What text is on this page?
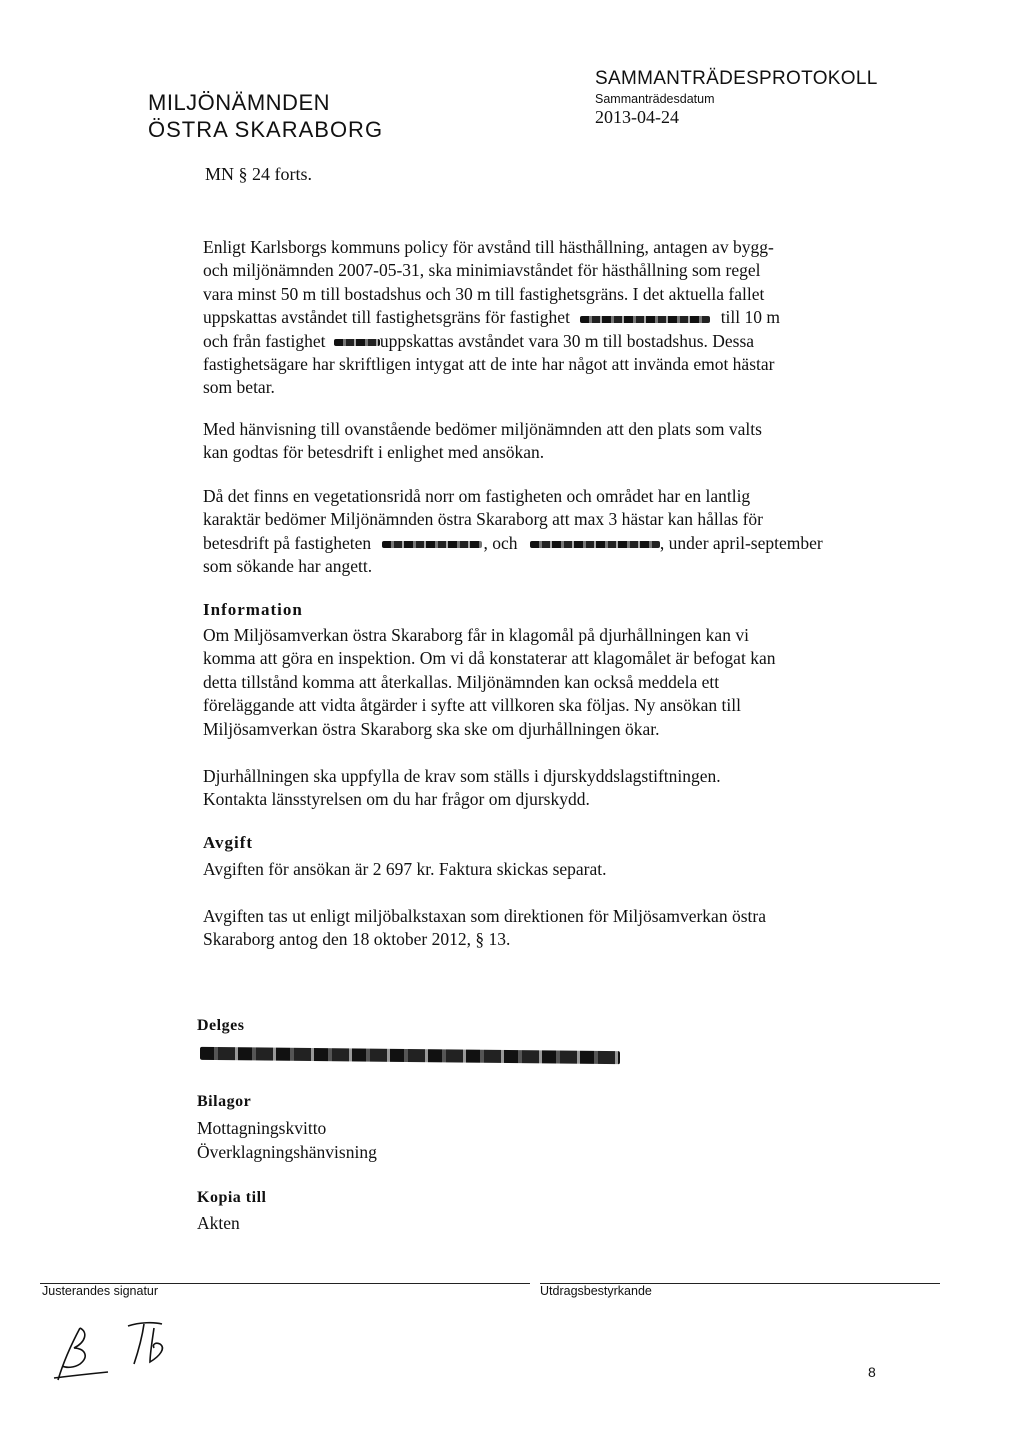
MILJÖNÄMNDEN
ÖSTRA SKARABORG
SAMMANTRÄDESPROTOKOLL
Sammanträdesdatum
2013-04-24
MN § 24 forts.
Enligt Karlsborgs kommuns policy för avstånd till hästhållning, antagen av bygg-
och miljönämnden 2007-05-31, ska minimiavståndet för hästhållning som regel
vara minst 50 m till bostadshus och 30 m till fastighetsgräns. I det aktuella fallet
uppskattas avståndet till fastighetsgräns för fastighet	till 10 m
och från fastighet	uppskattas avståndet vara 30 m till bostadshus. Dessa
fastighetsägare har skriftligen intygat att de inte har något att invända emot hästar
som betar.
Med hänvisning till ovanstående bedömer miljönämnden att den plats som valts
kan godtas för betesdrift i enlighet med ansökan.
Då det finns en vegetationsridå norr om fastigheten och området har en lantlig
karaktär bedömer Miljönämnden östra Skaraborg att max 3 hästar kan hållas för
betesdrift på fastigheten	, och	, under april-september
som sökande har angett.
Information
Om Miljösamverkan östra Skaraborg får in klagomål på djurhållningen kan vi
komma att göra en inspektion. Om vi då konstaterar att klagomålet är befogat kan
detta tillstånd komma att återkallas. Miljönämnden kan också meddela ett
föreläggande att vidta åtgärder i syfte att villkoren ska följas. Ny ansökan till
Miljösamverkan östra Skaraborg ska ske om djurhållningen ökar.
Djurhållningen ska uppfylla de krav som ställs i djurskyddslagstiftningen.
Kontakta länsstyrelsen om du har frågor om djurskydd.
Avgift
Avgiften för ansökan är 2 697 kr. Faktura skickas separat.
Avgiften tas ut enligt miljöbalkstaxan som direktionen för Miljösamverkan östra
Skaraborg antog den 18 oktober 2012, § 13.
Delges
Bilagor
Mottagningskvitto
Överklagningshänvisning
Kopia till
Akten
Justerandes signatur	Utdragsbestyrkande
8
